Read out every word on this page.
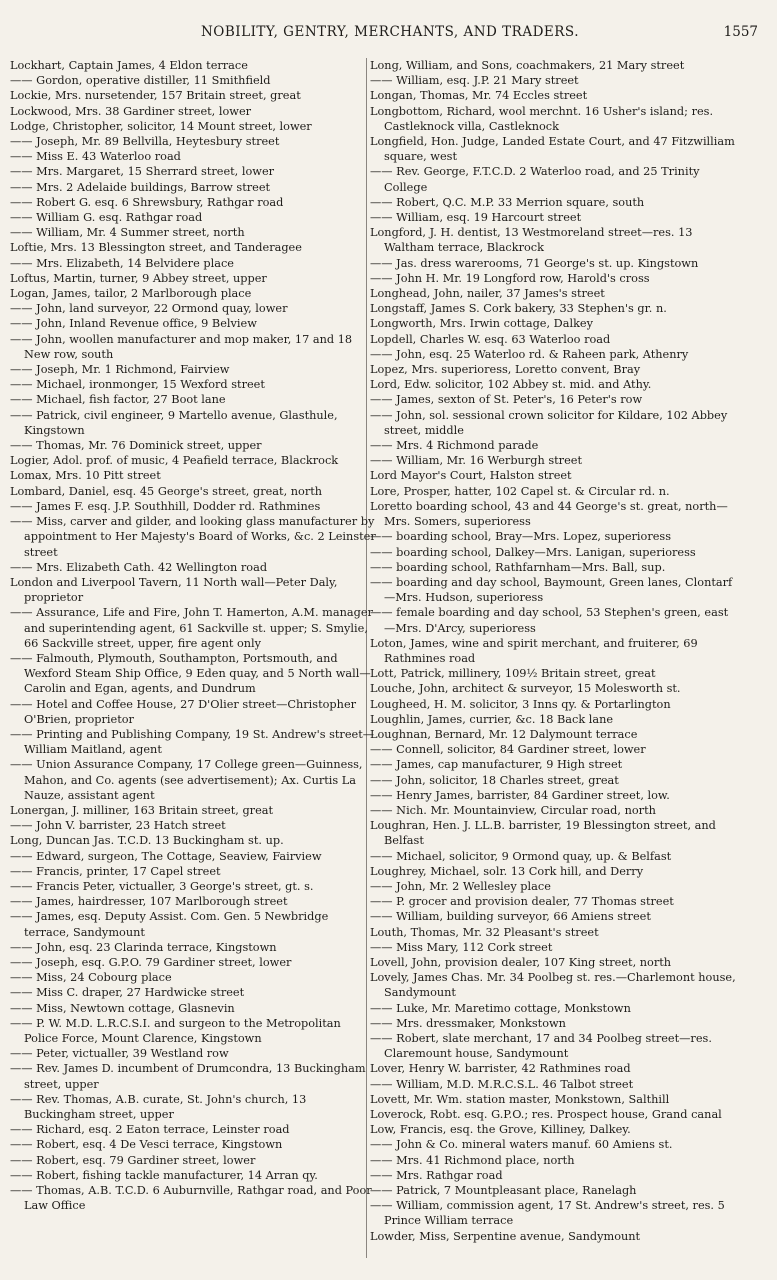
NOBILITY, GENTRY, MERCHANTS, AND TRADERS.	1557
Lockhart, Captain James, 4 Eldon terrace
—— Gordon, operative distiller, 11 Smithfield
Lockie, Mrs. nursetender, 157 Britain street, great
Lockwood, Mrs. 38 Gardiner street, lower
Lodge, Christopher, solicitor, 14 Mount street, lower
—— Joseph, Mr. 89 Bellvilla, Heytesbury street
—— Miss E. 43 Waterloo road
—— Mrs. Margaret, 15 Sherrard street, lower
—— Mrs. 2 Adelaide buildings, Barrow street
—— Robert G. esq. 6 Shrewsbury, Rathgar road
—— William G. esq. Rathgar road
—— William, Mr. 4 Summer street, north
Loftie, Mrs. 13 Blessington street, and Tanderagee
—— Mrs. Elizabeth, 14 Belvidere place
Loftus, Martin, turner, 9 Abbey street, upper
Logan, James, tailor, 2 Marlborough place
—— John, land surveyor, 22 Ormond quay, lower
—— John, Inland Revenue office, 9 Belview
—— John, woollen manufacturer and mop maker, 17 and 18 New row, south
—— Joseph, Mr. 1 Richmond, Fairview
—— Michael, ironmonger, 15 Wexford street
—— Michael, fish factor, 27 Boot lane
—— Patrick, civil engineer, 9 Martello avenue, Glasthule, Kingstown
—— Thomas, Mr. 76 Dominick street, upper
Logier, Adol. prof. of music, 4 Peafield terrace, Blackrock
Lomax, Mrs. 10 Pitt street
Lombard, Daniel, esq. 45 George's street, great, north
—— James F. esq. J.P. Southhill, Dodder rd. Rathmines
—— Miss, carver and gilder, and looking glass manufacturer by appointment to Her Majesty's Board of Works, &c. 2 Leinster street
—— Mrs. Elizabeth Cath. 42 Wellington road
London and Liverpool Tavern, 11 North wall—Peter Daly, proprietor
—— Assurance, Life and Fire, John T. Hamerton, A.M. manager and superintending agent, 61 Sackville st. upper; S. Smylie, 66 Sackville street, upper, fire agent only
—— Falmouth, Plymouth, Southampton, Portsmouth, and Wexford Steam Ship Office, 9 Eden quay, and 5 North wall—Carolin and Egan, agents, and Dundrum
—— Hotel and Coffee House, 27 D'Olier street—Christopher O'Brien, proprietor
—— Printing and Publishing Company, 19 St. Andrew's street—William Maitland, agent
—— Union Assurance Company, 17 College green—Guinness, Mahon, and Co. agents (see advertisement); Ax. Curtis La Nauze, assistant agent
Lonergan, J. milliner, 163 Britain street, great
—— John V. barrister, 23 Hatch street
Long, Duncan Jas. T.C.D. 13 Buckingham st. up.
—— Edward, surgeon, The Cottage, Seaview, Fairview
—— Francis, printer, 17 Capel street
—— Francis Peter, victualler, 3 George's street, gt. s.
—— James, hairdresser, 107 Marlborough street
—— James, esq. Deputy Assist. Com. Gen. 5 Newbridge terrace, Sandymount
—— John, esq. 23 Clarinda terrace, Kingstown
—— Joseph, esq. G.P.O. 79 Gardiner street, lower
—— Miss, 24 Cobourg place
—— Miss C. draper, 27 Hardwicke street
—— Miss, Newtown cottage, Glasnevin
—— P. W. M.D. L.R.C.S.I. and surgeon to the Metropolitan Police Force, Mount Clarence, Kingstown
—— Peter, victualler, 39 Westland row
—— Rev. James D. incumbent of Drumcondra, 13 Buckingham street, upper
—— Rev. Thomas, A.B. curate, St. John's church, 13 Buckingham street, upper
—— Richard, esq. 2 Eaton terrace, Leinster road
—— Robert, esq. 4 De Vesci terrace, Kingstown
—— Robert, esq. 79 Gardiner street, lower
—— Robert, fishing tackle manufacturer, 14 Arran qy.
—— Thomas, A.B. T.C.D. 6 Auburnville, Rathgar road, and Poor Law Office
Long, William, and Sons, coachmakers, 21 Mary street
—— William, esq. J.P. 21 Mary street
Longan, Thomas, Mr. 74 Eccles street
Longbottom, Richard, wool merchnt. 16 Usher's island; res. Castleknock villa, Castleknock
Longfield, Hon. Judge, Landed Estate Court, and 47 Fitzwilliam square, west
—— Rev. George, F.T.C.D. 2 Waterloo road, and 25 Trinity College
—— Robert, Q.C. M.P. 33 Merrion square, south
—— William, esq. 19 Harcourt street
Longford, J. H. dentist, 13 Westmoreland street—res. 13 Waltham terrace, Blackrock
—— Jas. dress warerooms, 71 George's st. up. Kingstown
—— John H. Mr. 19 Longford row, Harold's cross
Longhead, John, nailer, 37 James's street
Longstaff, James S. Cork bakery, 33 Stephen's gr. n.
Longworth, Mrs. Irwin cottage, Dalkey
Lopdell, Charles W. esq. 63 Waterloo road
—— John, esq. 25 Waterloo rd. & Raheen park, Athenry
Lopez, Mrs. superioress, Loretto convent, Bray
Lord, Edw. solicitor, 102 Abbey st. mid. and Athy.
—— James, sexton of St. Peter's, 16 Peter's row
—— John, sol. sessional crown solicitor for Kildare, 102 Abbey street, middle
—— Mrs. 4 Richmond parade
—— William, Mr. 16 Werburgh street
Lord Mayor's Court, Halston street
Lore, Prosper, hatter, 102 Capel st. & Circular rd. n.
Loretto boarding school, 43 and 44 George's st. great, north—Mrs. Somers, superioress
—— boarding school, Bray—Mrs. Lopez, superioress
—— boarding school, Dalkey—Mrs. Lanigan, superioress
—— boarding school, Rathfarnham—Mrs. Ball, sup.
—— boarding and day school, Baymount, Green lanes, Clontarf—Mrs. Hudson, superioress
—— female boarding and day school, 53 Stephen's green, east—Mrs. D'Arcy, superioress
Loton, James, wine and spirit merchant, and fruiterer, 69 Rathmines road
Lott, Patrick, millinery, 109½ Britain street, great
Louche, John, architect & surveyor, 15 Molesworth st.
Lougheed, H. M. solicitor, 3 Inns qy. & Portarlington
Loughlin, James, currier, &c. 18 Back lane
Loughnan, Bernard, Mr. 12 Dalymount terrace
—— Connell, solicitor, 84 Gardiner street, lower
—— James, cap manufacturer, 9 High street
—— John, solicitor, 18 Charles street, great
—— Henry James, barrister, 84 Gardiner street, low.
—— Nich. Mr. Mountainview, Circular road, north
Loughran, Hen. J. LL.B. barrister, 19 Blessington street, and Belfast
—— Michael, solicitor, 9 Ormond quay, up. & Belfast
Loughrey, Michael, solr. 13 Cork hill, and Derry
—— John, Mr. 2 Wellesley place
—— P. grocer and provision dealer, 77 Thomas street
—— William, building surveyor, 66 Amiens street
Louth, Thomas, Mr. 32 Pleasant's street
—— Miss Mary, 112 Cork street
Lovell, John, provision dealer, 107 King street, north
Lovely, James Chas. Mr. 34 Poolbeg st. res.—Charlemont house, Sandymount
—— Luke, Mr. Maretimo cottage, Monkstown
—— Mrs. dressmaker, Monkstown
—— Robert, slate merchant, 17 and 34 Poolbeg street—res. Claremount house, Sandymount
Lover, Henry W. barrister, 42 Rathmines road
—— William, M.D. M.R.C.S.L. 46 Talbot street
Lovett, Mr. Wm. station master, Monkstown, Salthill
Loverock, Robt. esq. G.P.O.; res. Prospect house, Grand canal
Low, Francis, esq. the Grove, Killiney, Dalkey.
—— John & Co. mineral waters manuf. 60 Amiens st.
—— Mrs. 41 Richmond place, north
—— Mrs. Rathgar road
—— Patrick, 7 Mountpleasant place, Ranelagh
—— William, commission agent, 17 St. Andrew's street, res. 5 Prince William terrace
Lowder, Miss, Serpentine avenue, Sandymount
